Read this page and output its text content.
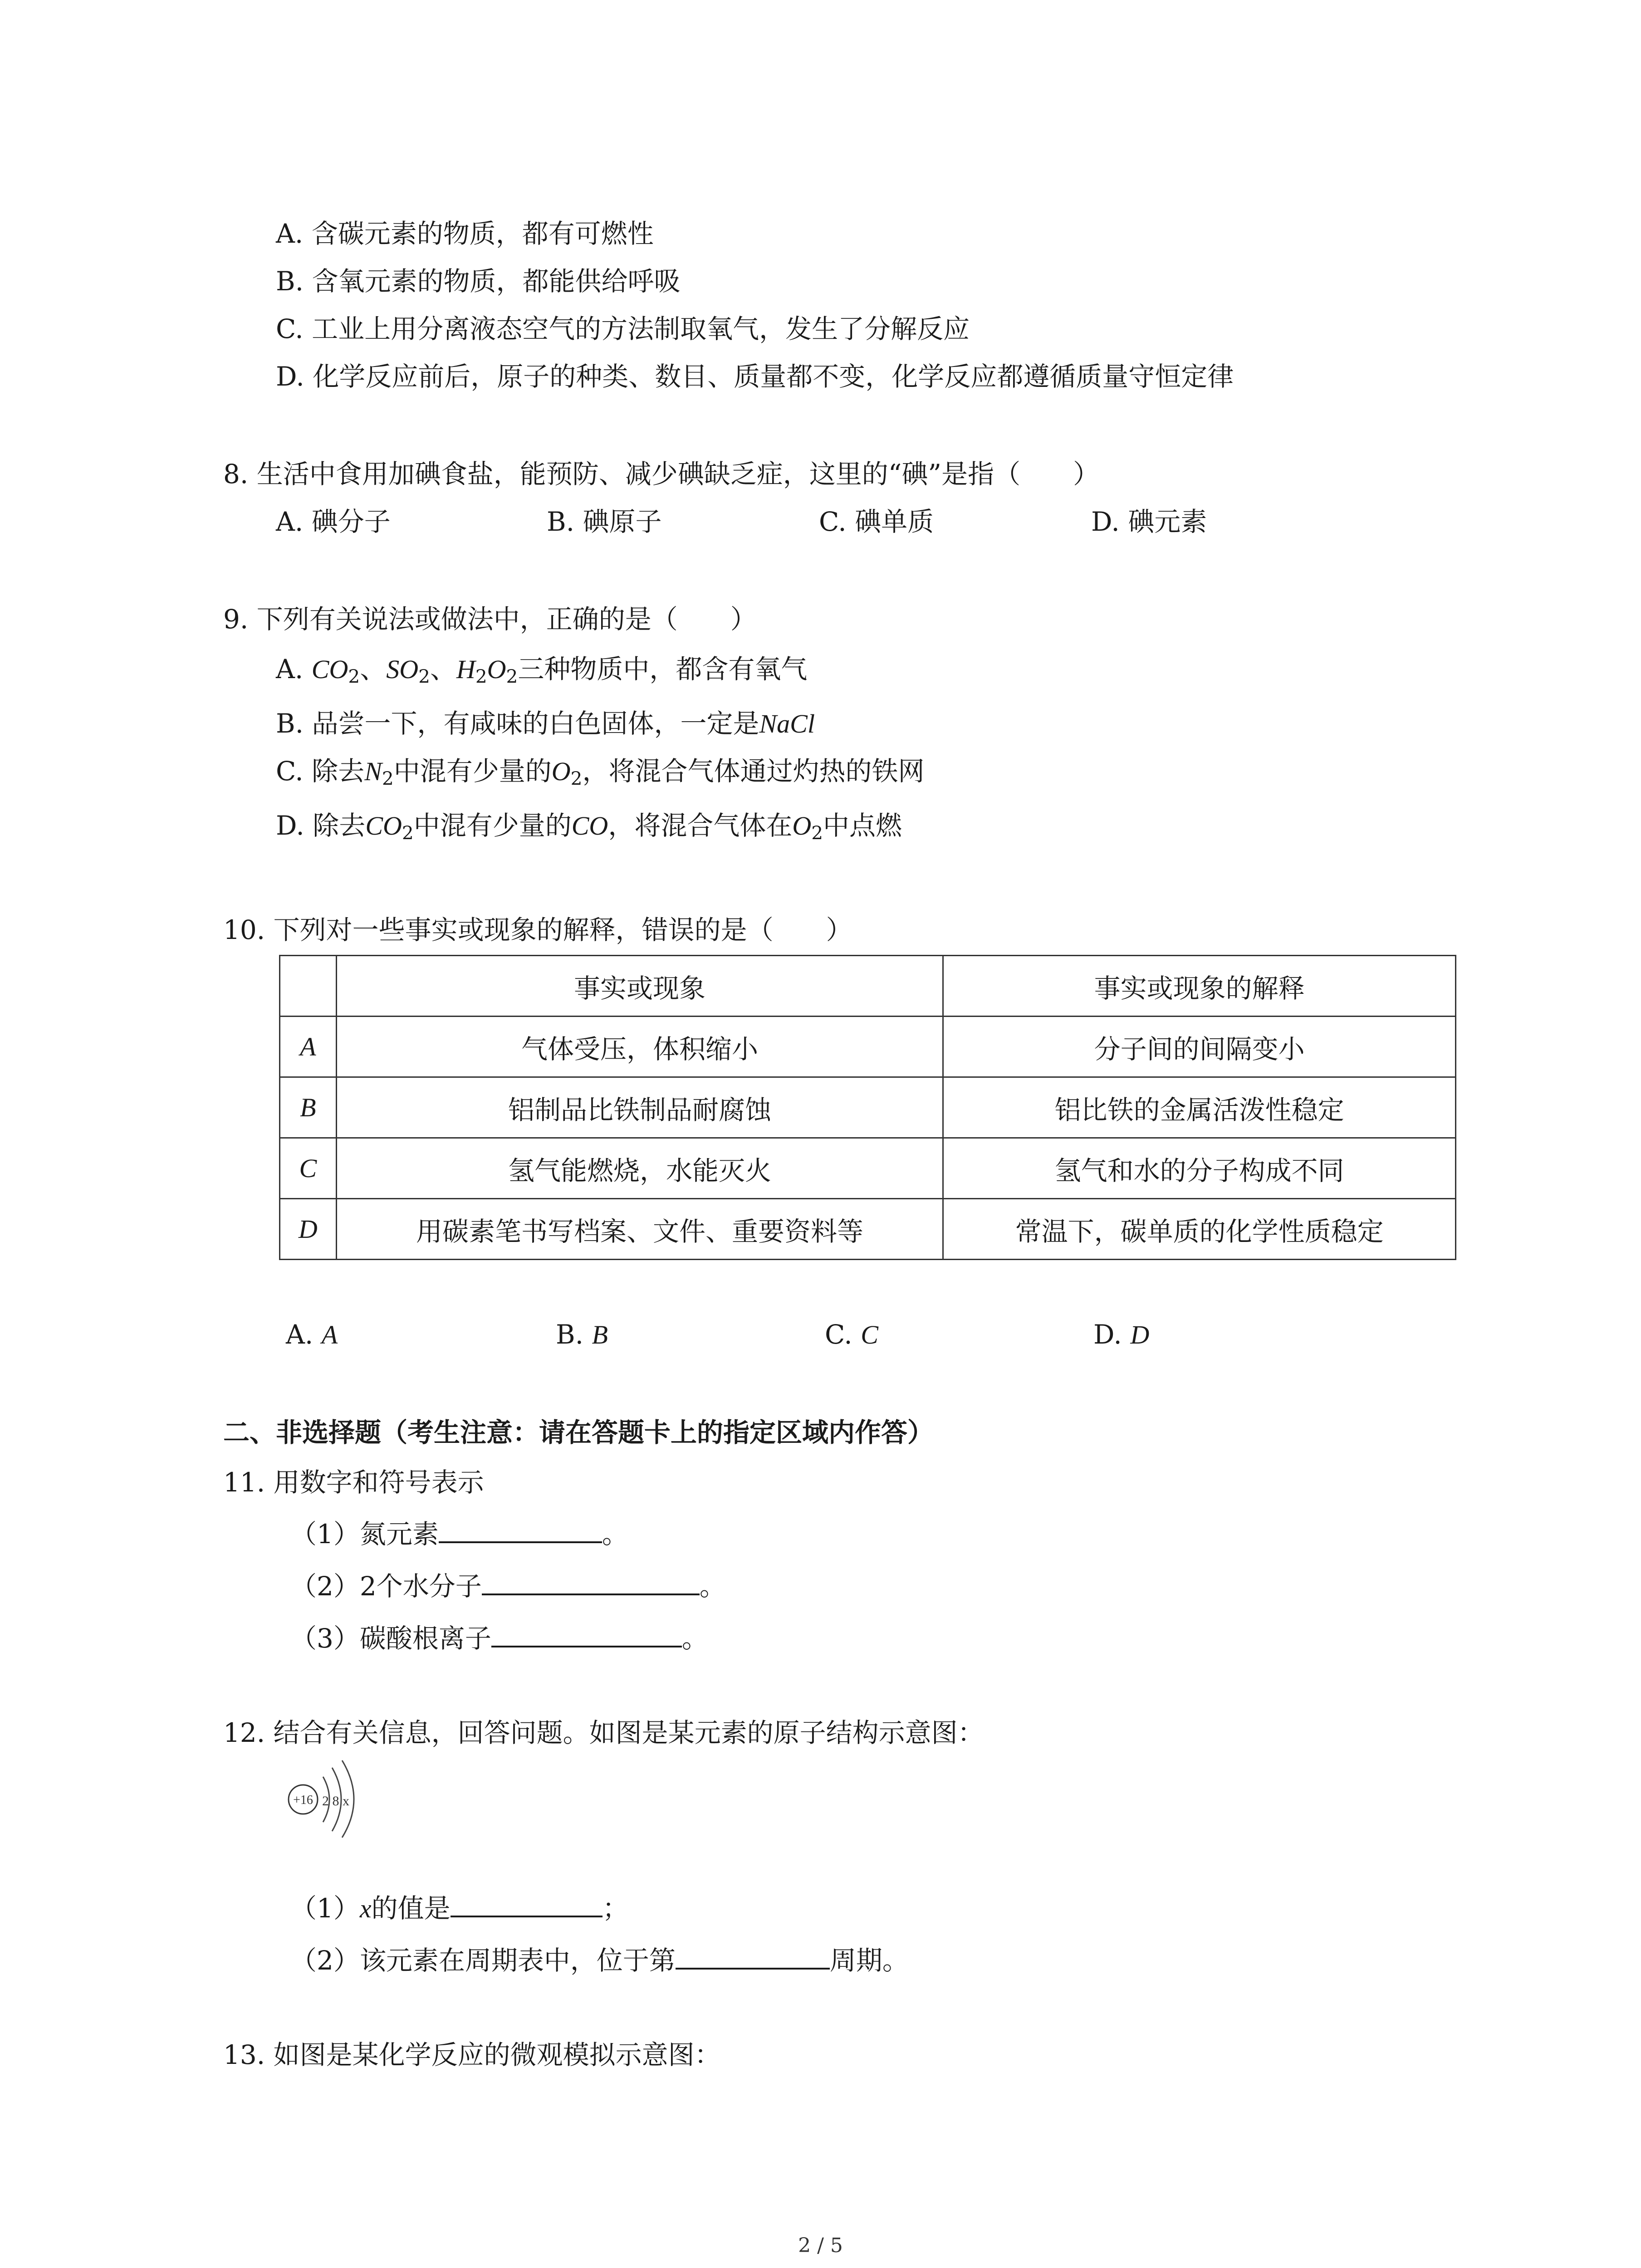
A. 含碳元素的物质，都有可燃性
B. 含氧元素的物质，都能供给呼吸
C. 工业上用分离液态空气的方法制取氧气，发生了分解反应
D. 化学反应前后，原子的种类、数目、质量都不变，化学反应都遵循质量守恒定律
8. 生活中食用加碘食盐，能预防、减少碘缺乏症，这里的“碘”是指（　　）
A. 碘分子	B. 碘原子	C. 碘单质	D. 碘元素
9. 下列有关说法或做法中，正确的是（　　）
A. $CO_2$、$SO_2$、$H_2O_2$三种物质中，都含有氧气
B. 品尝一下，有咸味的白色固体，一定是NaCl
C. 除去$N_2$中混有少量的$O_2$，将混合气体通过灼热的铁网
D. 除去$CO_2$中混有少量的CO，将混合气体在$O_2$中点燃
10. 下列对一些事实或现象的解释，错误的是（　　）
	事实或现象	事实或现象的解释
A	气体受压，体积缩小	分子间的间隔变小
B	铝制品比铁制品耐腐蚀	铝比铁的金属活泼性稳定
C	氢气能燃烧，水能灭火	氢气和水的分子构成不同
D	用碳素笔书写档案、文件、重要资料等	常温下，碳单质的化学性质稳定
A. A	B. B	C. C	D. D
二、非选择题（考生注意：请在答题卡上的指定区域内作答）
11. 用数字和符号表示
（1）氮元素	。
（2）2个水分子	。
（3）碳酸根离子	。
12. 结合有关信息，回答问题。如图是某元素的原子结构示意图：
+16 2 8 x
（1）x的值是	；
（2）该元素在周期表中，位于第	周期。
13. 如图是某化学反应的微观模拟示意图：
2 / 5
